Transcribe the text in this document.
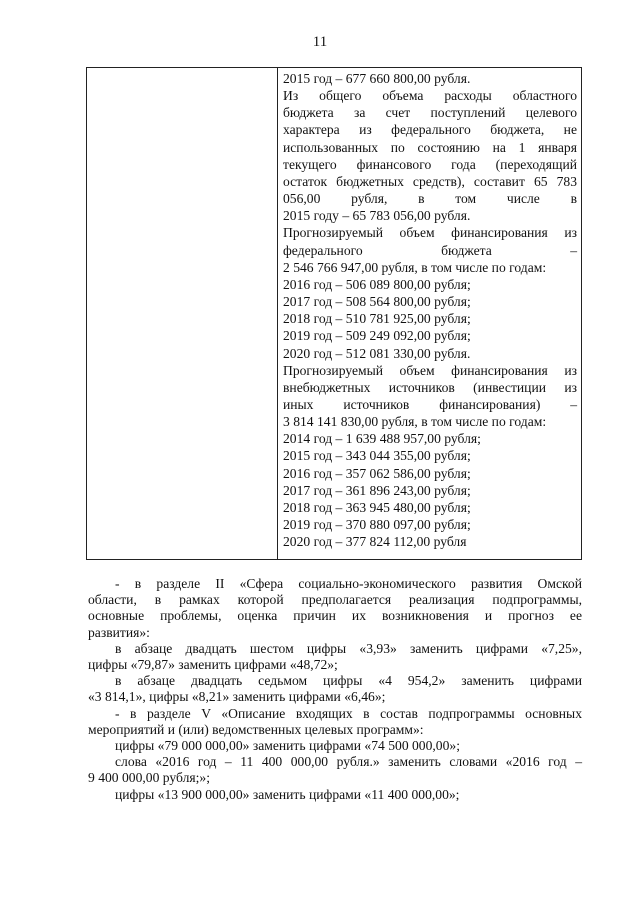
11
2015 год – 677 660 800,00 рубля.
Из общего объема расходы областного
бюджета за счет поступлений целевого
характера из федерального бюджета, не
использованных по состоянию на 1 января
текущего финансового года (переходящий
остаток бюджетных средств), составит 65 783
056,00 рубля, в том числе в
2015 году – 65 783 056,00 рубля.
Прогнозируемый объем финансирования из
федерального бюджета –
2 546 766 947,00 рубля, в том числе по годам:
2016 год – 506 089 800,00 рубля;
2017 год – 508 564 800,00 рубля;
2018 год – 510 781 925,00 рубля;
2019 год – 509 249 092,00 рубля;
2020 год – 512 081 330,00 рубля.
Прогнозируемый объем финансирования из
внебюджетных источников (инвестиции из
иных источников финансирования) –
3 814 141 830,00 рубля, в том числе по годам:
2014 год – 1 639 488 957,00 рубля;
2015 год – 343 044 355,00 рубля;
2016 год – 357 062 586,00 рубля;
2017 год – 361 896 243,00 рубля;
2018 год – 363 945 480,00 рубля;
2019 год – 370 880 097,00 рубля;
2020 год – 377 824 112,00 рубля
- в разделе II «Сфера социально-экономического развития Омской
области, в рамках которой предполагается реализация подпрограммы,
основные проблемы, оценка причин их возникновения и прогноз ее
развития»:
в абзаце двадцать шестом цифры «3,93» заменить цифрами «7,25»,
цифры «79,87» заменить цифрами «48,72»;
в абзаце двадцать седьмом цифры «4 954,2» заменить цифрами
«3 814,1», цифры «8,21» заменить цифрами «6,46»;
- в разделе V «Описание входящих в состав подпрограммы основных
мероприятий и (или) ведомственных целевых программ»:
цифры «79 000 000,00» заменить цифрами «74 500 000,00»;
слова «2016 год – 11 400 000,00 рубля.» заменить словами «2016 год –
9 400 000,00 рубля;»;
цифры «13 900 000,00» заменить цифрами «11 400 000,00»;
